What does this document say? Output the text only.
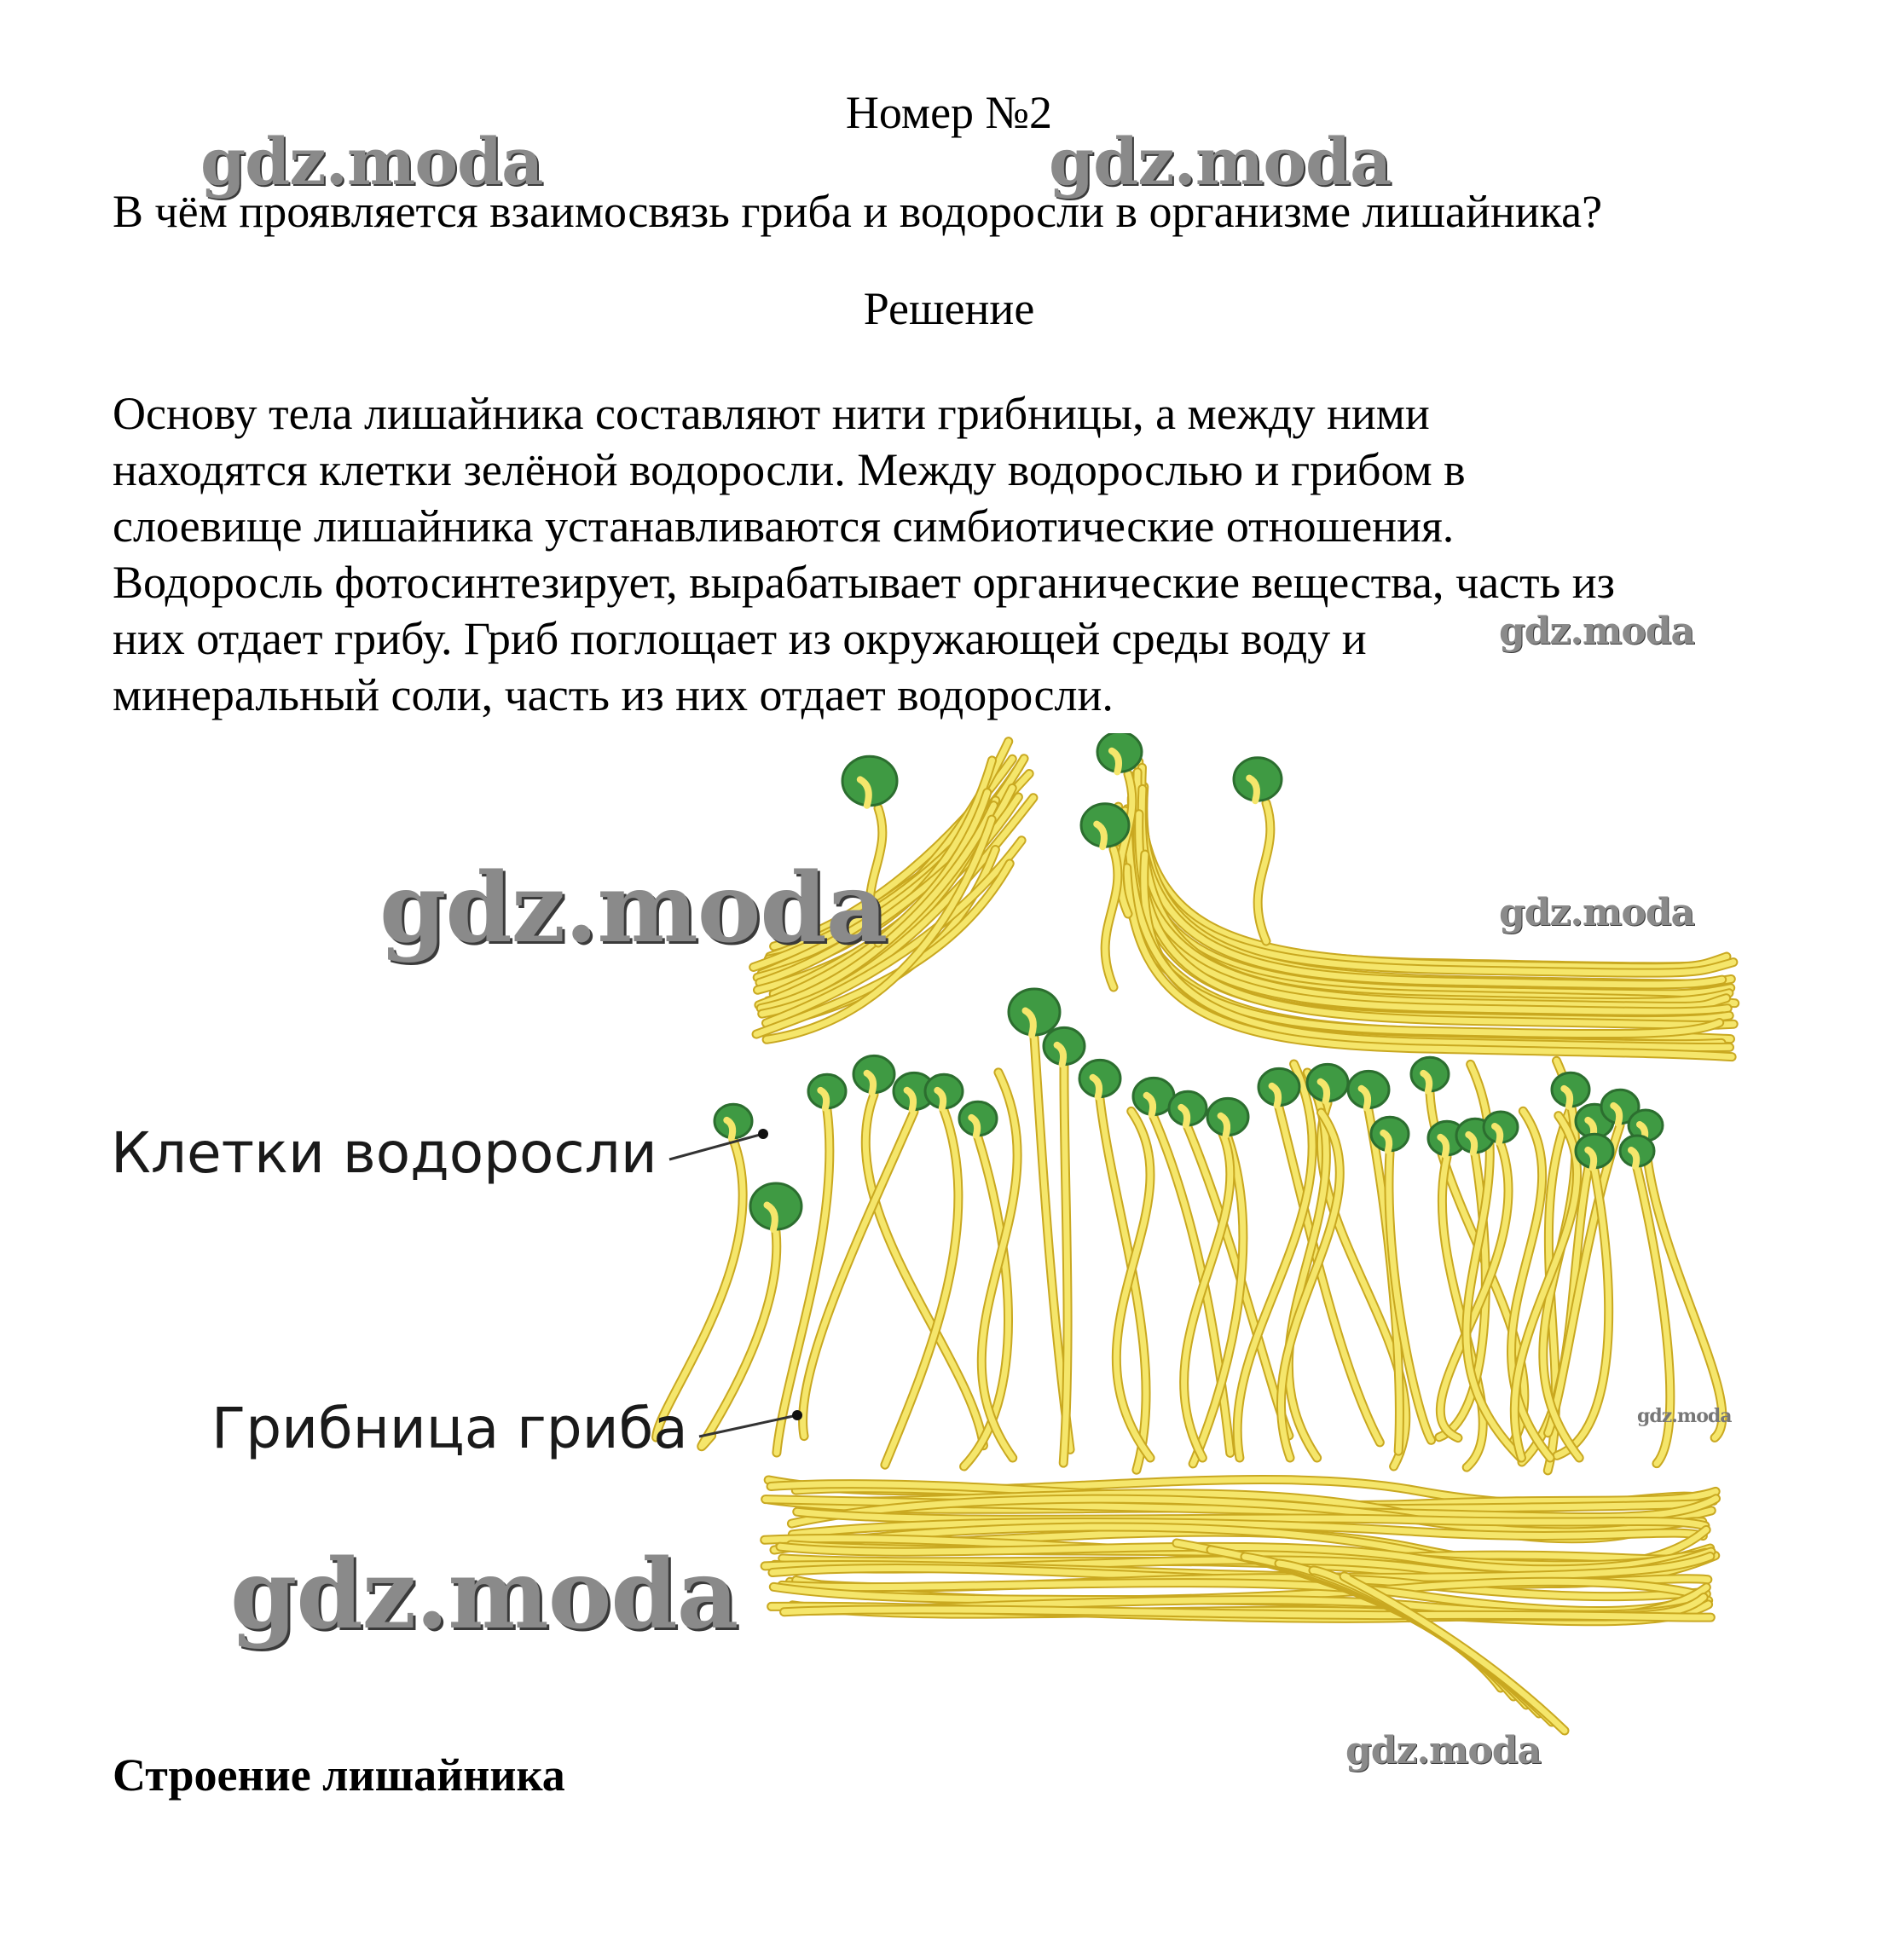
Номер №2
В чём проявляется взаимосвязь гриба и водоросли в организме лишайника?
Решение

Основу тела лишайника составляют нити грибницы, а между ними

находятся клетки зелёной водоросли. Между водорослью и грибом в

слоевище лишайника устанавливаются симбиотические отношения.

Водоросль фотосинтезирует, вырабатывает органические вещества, часть из

них отдает грибу. Гриб поглощает из окружающей среды воду и

минеральный соли, часть из них отдает водоросли.

Клетки водоросли
Грибница гриба
Строение лишайника
gdz.moda	gdz.moda
gdz.moda
gdz.moda	gdz.moda
gdz.moda
gdz.moda
gdz.moda
